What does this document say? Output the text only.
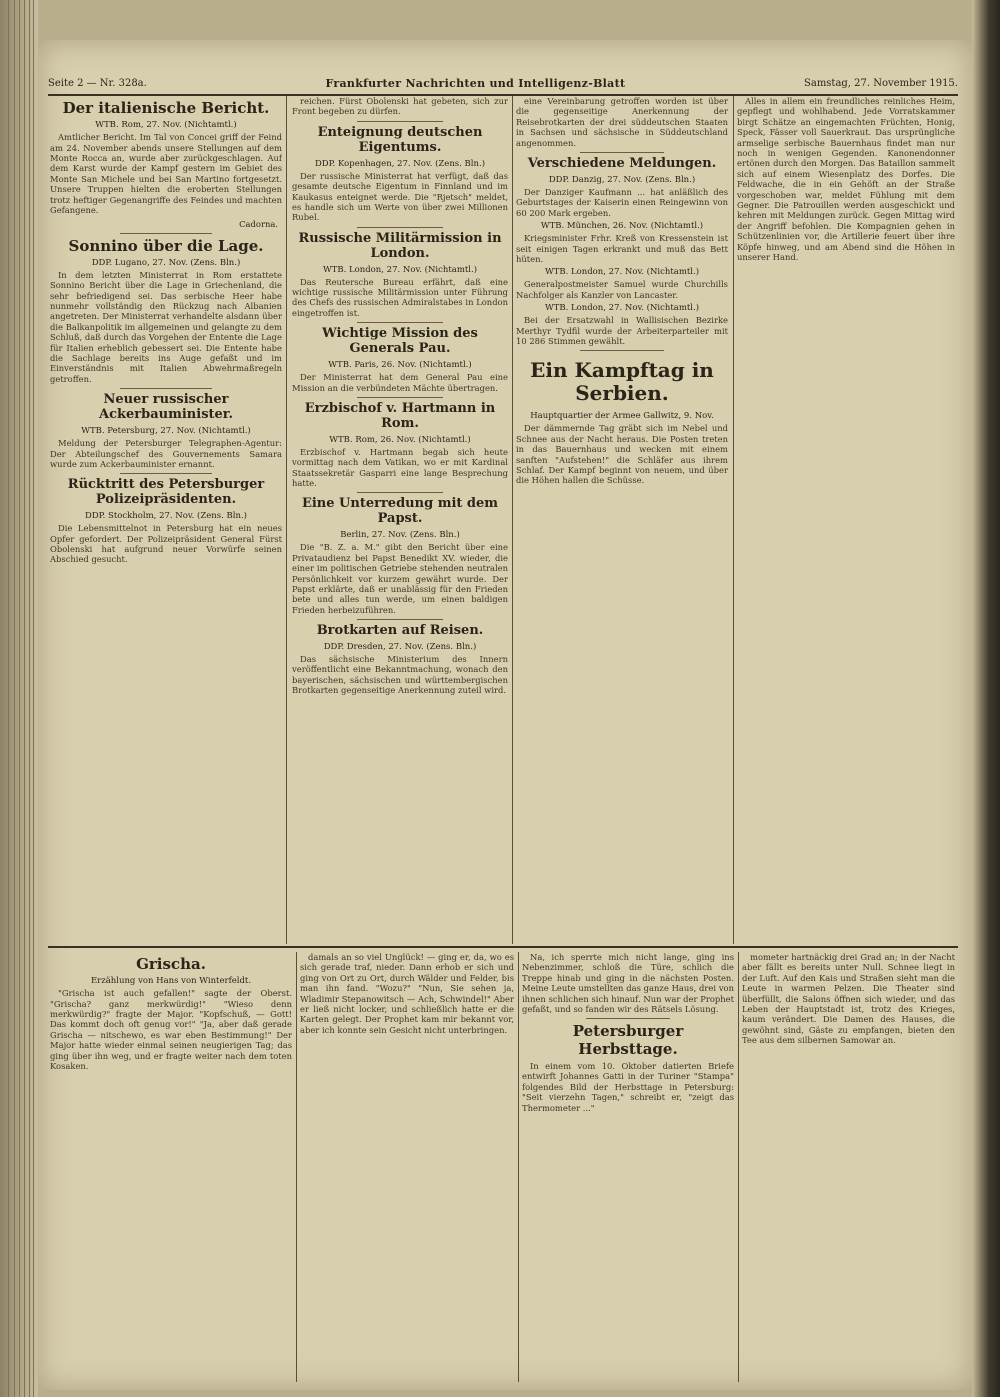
Seite 2 — Nr. 328a.	Frankfurter Nachrichten und Intelligenz-Blatt	Samstag, 27. November 1915.
Der italienische Bericht.
WTB. Rom, 27. Nov. (Nichtamtl.)

Amtlicher Bericht. Im Tal von Concei griff der Feind am 24. November abends unsere Stellungen auf dem Monte Rocca an, wurde aber zurückgeschlagen. Auf dem Karst wurde der Kampf gestern im Gebiet des Monte San Michele und bei San Martino fortgesetzt. Unsere Truppen hielten die eroberten Stellungen trotz heftiger Gegenangriffe des Feindes und machten Gefangene.

Cadorna.
Sonnino über die Lage.
DDP. Lugano, 27. Nov. (Zens. Bln.)

In dem letzten Ministerrat in Rom erstattete Sonnino Bericht über die Lage in Griechenland, die sehr befriedigend sei. Das serbische Heer habe nunmehr vollständig den Rückzug nach Albanien angetreten. Der Ministerrat verhandelte alsdann über die Balkanpolitik im allgemeinen und gelangte zu dem Schluß, daß durch das Vorgehen der Entente die Lage für Italien erheblich gebessert sei. Die Entente habe die Sachlage bereits ins Auge gefaßt und im Einverständnis mit Italien Abwehrmaßregeln getroffen.

Neuer russischer Ackerbauminister.
WTB. Petersburg, 27. Nov. (Nichtamtl.)

Meldung der Petersburger Telegraphen-Agentur: Der Abteilungschef des Gouvernements Samara wurde zum Ackerbauminister ernannt.

Rücktritt des Petersburger Polizeipräsidenten.
DDP. Stockholm, 27. Nov. (Zens. Bln.)

Die Lebensmittelnot in Petersburg hat ein neues Opfer gefordert. Der Polizeipräsident General Fürst Obolenski hat aufgrund neuer Vorwürfe seinen Abschied gesucht.

reichen. Fürst Obolenski hat gebeten, sich zur Front begeben zu dürfen.

Enteignung deutschen Eigentums.
DDP. Kopenhagen, 27. Nov. (Zens. Bln.)

Der russische Ministerrat hat verfügt, daß das gesamte deutsche Eigentum in Finnland und im Kaukasus enteignet werde. Die "Rjetsch" meldet, es handle sich um Werte von über zwei Millionen Rubel.

Russische Militärmission in London.
WTB. London, 27. Nov. (Nichtamtl.)

Das Reutersche Bureau erfährt, daß eine wichtige russische Militärmission unter Führung des Chefs des russischen Admiralstabes in London eingetroffen ist.

Wichtige Mission des Generals Pau.
WTB. Paris, 26. Nov. (Nichtamtl.)

Der Ministerrat hat dem General Pau eine Mission an die verbündeten Mächte übertragen.

Erzbischof v. Hartmann in Rom.
WTB. Rom, 26. Nov. (Nichtamtl.)

Erzbischof v. Hartmann begab sich heute vormittag nach dem Vatikan, wo er mit Kardinal Staatssekretär Gasparri eine lange Besprechung hatte.

Eine Unterredung mit dem Papst.
Berlin, 27. Nov. (Zens. Bln.)

Die "B. Z. a. M." gibt den Bericht über eine Privataudienz bei Papst Benedikt XV. wieder, die einer im politischen Getriebe stehenden neutralen Persönlichkeit vor kurzem gewährt wurde. Der Papst erklärte, daß er unablässig für den Frieden bete und alles tun werde, um einen baldigen Frieden herbeizuführen.

Brotkarten auf Reisen.
DDP. Dresden, 27. Nov. (Zens. Bln.)

Das sächsische Ministerium des Innern veröffentlicht eine Bekanntmachung, wonach den bayerischen, sächsischen und württembergischen Brotkarten gegenseitige Anerkennung zuteil wird.

eine Vereinbarung getroffen worden ist über die gegenseitige Anerkennung der Reisebrotkarten der drei süddeutschen Staaten in Sachsen und sächsische in Süddeutschland angenommen.

Verschiedene Meldungen.
DDP. Danzig, 27. Nov. (Zens. Bln.)

Der Danziger Kaufmann ... hat anläßlich des Geburtstages der Kaiserin einen Reingewinn von 60 200 Mark ergeben.

WTB. München, 26. Nov. (Nichtamtl.)

Kriegsminister Frhr. Kreß von Kressenstein ist seit einigen Tagen erkrankt und muß das Bett hüten.

WTB. London, 27. Nov. (Nichtamtl.)

Generalpostmeister Samuel wurde Churchills Nachfolger als Kanzler von Lancaster.

WTB. London, 27. Nov. (Nichtamtl.)

Bei der Ersatzwahl in Wallisischen Bezirke Merthyr Tydfil wurde der Arbeiterparteiler mit 10 286 Stimmen gewählt.

Ein Kampftag in Serbien.
Hauptquartier der Armee Gallwitz, 9. Nov.

Der dämmernde Tag gräbt sich im Nebel und Schnee aus der Nacht heraus. Die Posten treten in das Bauernhaus und wecken mit einem sanften "Aufstehen!" die Schläfer aus ihrem Schlaf. Der Kampf beginnt von neuem, und über die Höhen hallen die Schüsse.

Alles in allem ein freundliches reinliches Heim, gepflegt und wohlhabend. Jede Vorratskammer birgt Schätze an eingemachten Früchten, Honig, Speck, Fässer voll Sauerkraut. Das ursprüngliche armselige serbische Bauernhaus findet man nur noch in wenigen Gegenden. Kanonendonner ertönen durch den Morgen. Das Bataillon sammelt sich auf einem Wiesenplatz des Dorfes. Die Feldwache, die in ein Gehöft an der Straße vorgeschoben war, meldet Fühlung mit dem Gegner. Die Patrouillen werden ausgeschickt und kehren mit Meldungen zurück. Gegen Mittag wird der Angriff befohlen. Die Kompagnien gehen in Schützenlinien vor, die Artillerie feuert über ihre Köpfe hinweg, und am Abend sind die Höhen in unserer Hand.

Grischa.
Erzählung von Hans von Winterfeldt.

"Grischa ist auch gefallen!" sagte der Oberst. "Grischa? ganz merkwürdig!" "Wieso denn merkwürdig?" fragte der Major. "Kopfschuß, — Gott! Das kommt doch oft genug vor!" "Ja, aber daß gerade Grischa — nitschewo, es war eben Bestimmung!" Der Major hatte wieder einmal seinen neugierigen Tag; das ging über ihn weg, und er fragte weiter nach dem toten Kosaken.

damals an so viel Unglück! — ging er, da, wo es sich gerade traf, nieder. Dann erhob er sich und ging von Ort zu Ort, durch Wälder und Felder, bis man ihn fand. "Wozu?" "Nun, Sie sehen ja, Wladimir Stepanowitsch — Ach, Schwindel!" Aber er ließ nicht locker, und schließlich hatte er die Karten gelegt. Der Prophet kam mir bekannt vor, aber ich konnte sein Gesicht nicht unterbringen.

Na, ich sperrte mich nicht lange, ging ins Nebenzimmer, schloß die Türe, schlich die Treppe hinab und ging in die nächsten Posten. Meine Leute umstellten das ganze Haus, drei von ihnen schlichen sich hinauf. Nun war der Prophet gefaßt, und so fanden wir des Rätsels Lösung.

Petersburger Herbsttage.

In einem vom 10. Oktober datierten Briefe entwirft Johannes Gatti in der Turiner "Stampa" folgendes Bild der Herbsttage in Petersburg: "Seit vierzehn Tagen," schreibt er, "zeigt das Thermometer ..."

mometer hartnäckig drei Grad an; in der Nacht aber fällt es bereits unter Null. Schnee liegt in der Luft. Auf den Kais und Straßen sieht man die Leute in warmen Pelzen. Die Theater sind überfüllt, die Salons öffnen sich wieder, und das Leben der Hauptstadt ist, trotz des Krieges, kaum verändert. Die Damen des Hauses, die gewöhnt sind, Gäste zu empfangen, bieten den Tee aus dem silbernen Samowar an.
